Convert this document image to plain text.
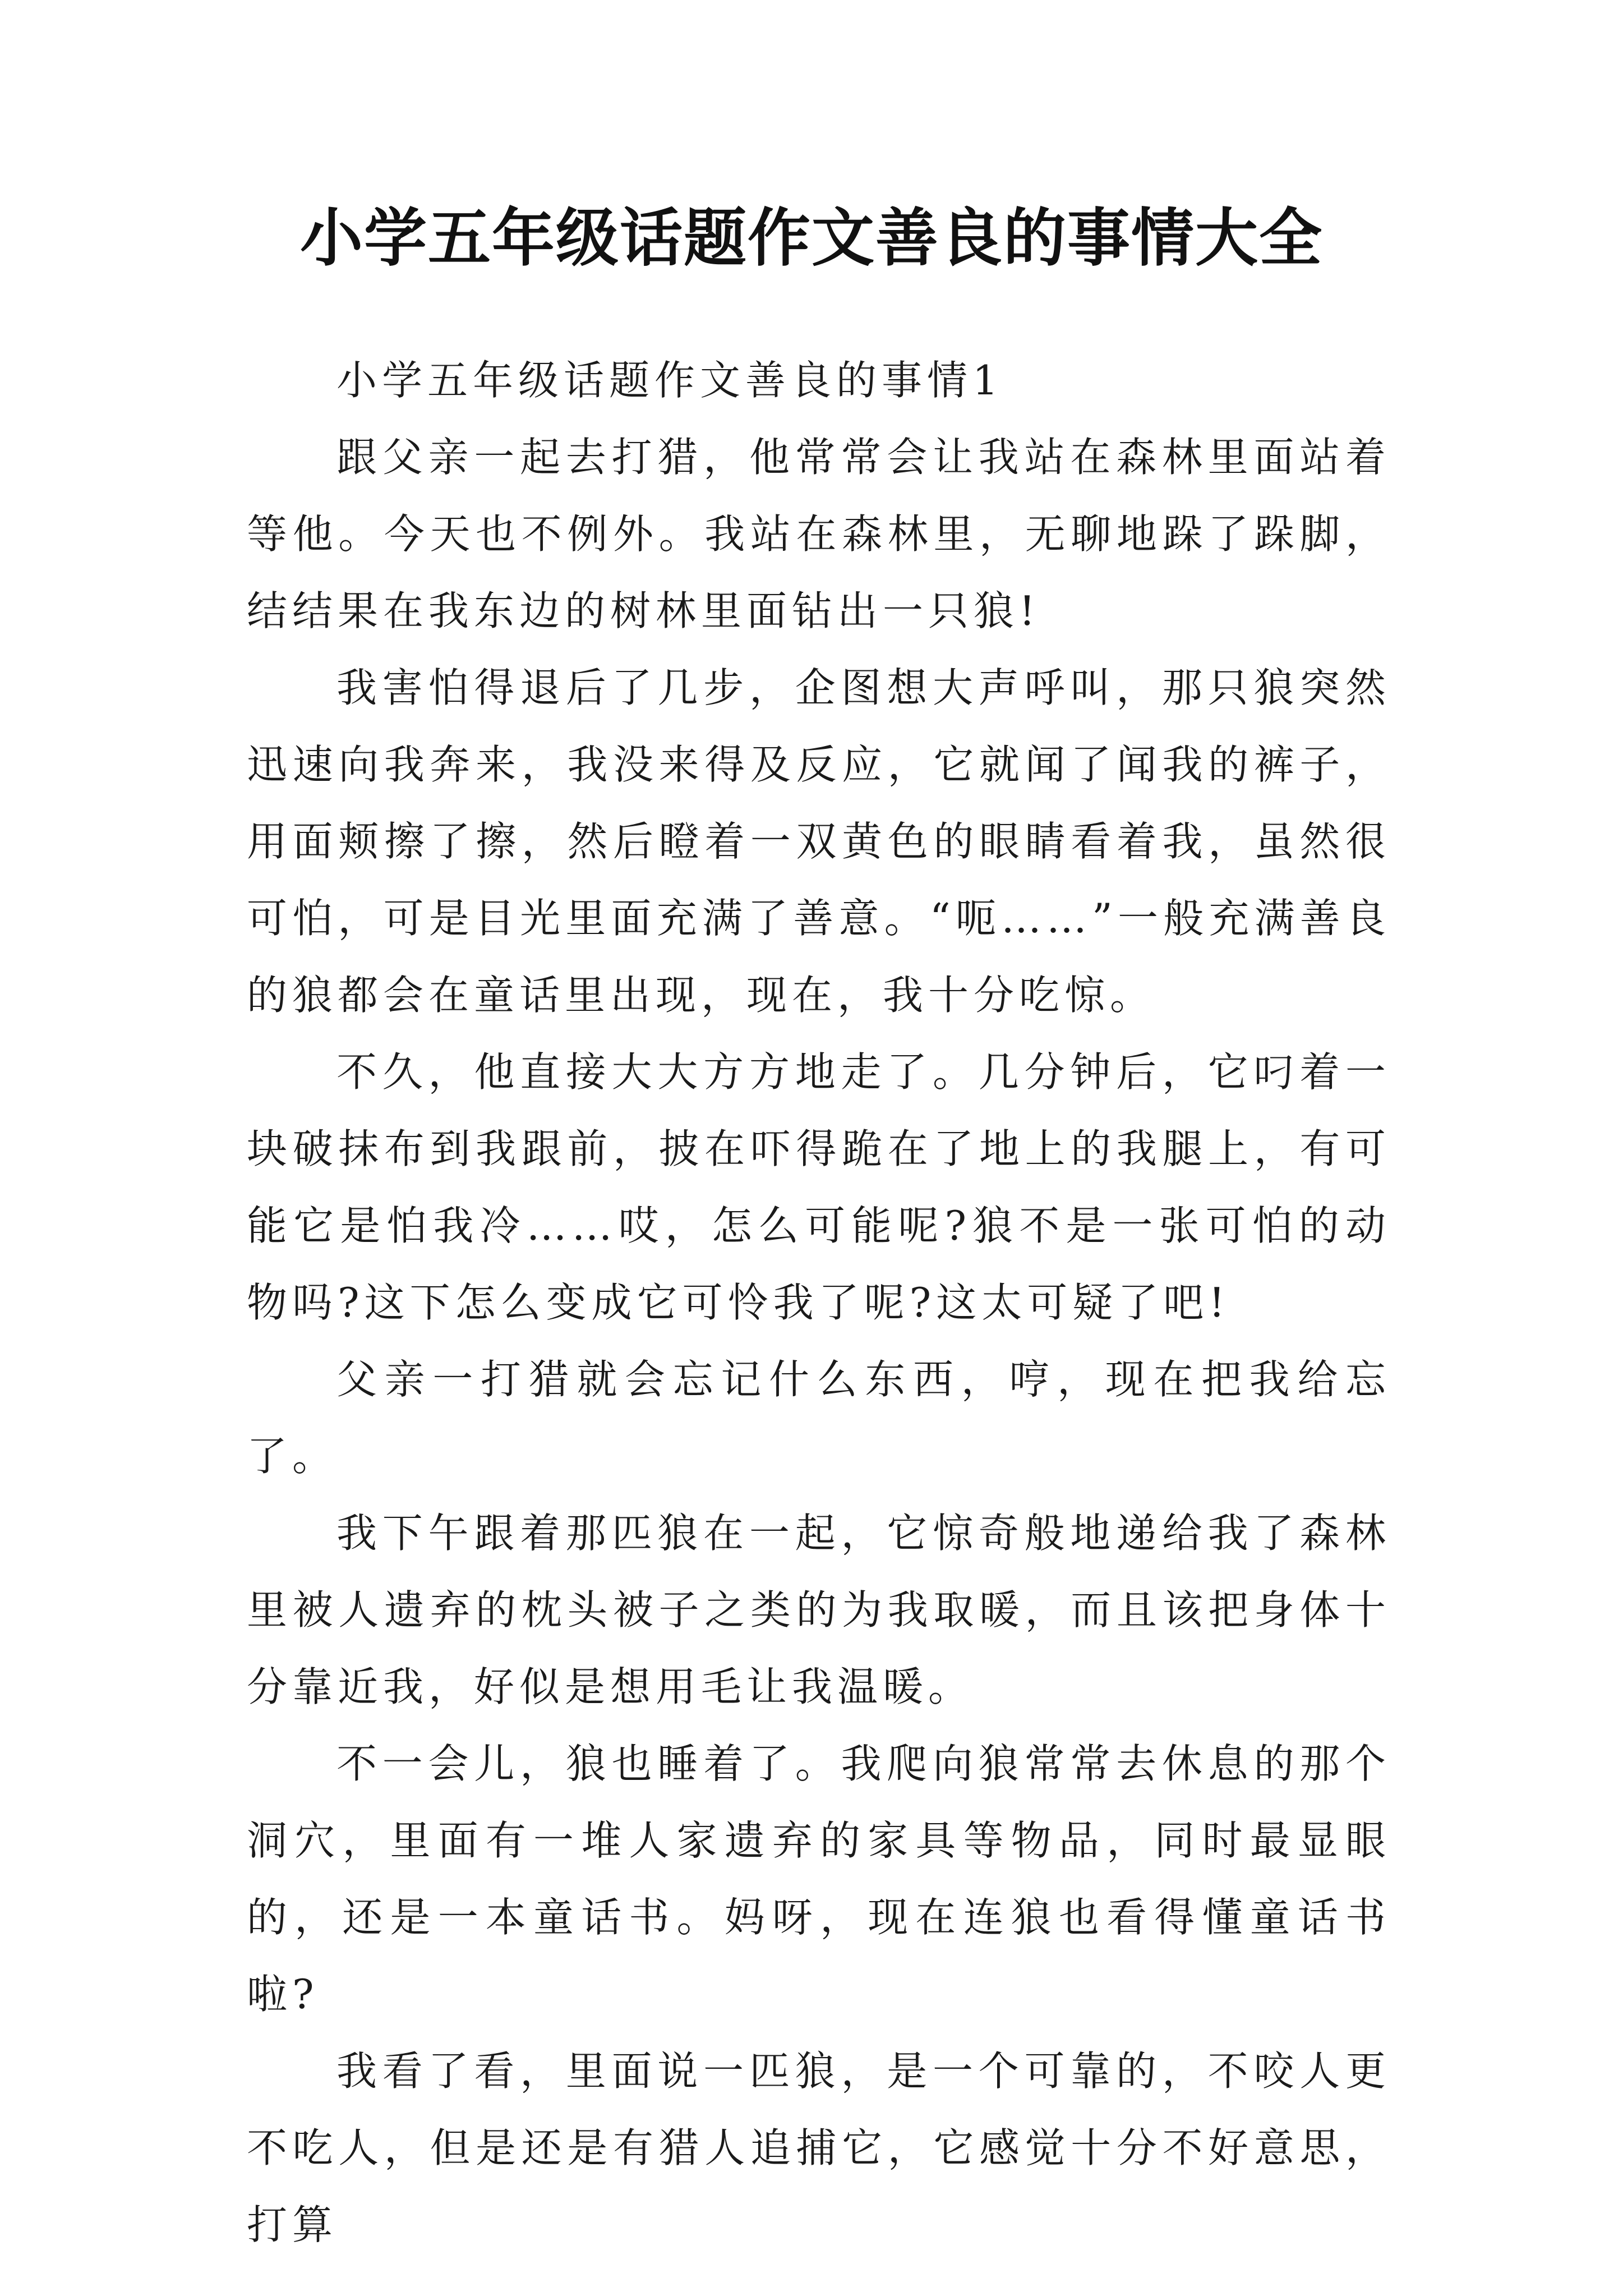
小学五年级话题作文善良的事情大全

小学五年级话题作文善良的事情1

跟父亲一起去打猎，他常常会让我站在森林里面站着等他。今天也不例外。我站在森林里，无聊地跺了跺脚，结结果在我东边的树林里面钻出一只狼!

我害怕得退后了几步，企图想大声呼叫，那只狼突然迅速向我奔来，我没来得及反应，它就闻了闻我的裤子，用面颊擦了擦，然后瞪着一双黄色的眼睛看着我，虽然很可怕，可是目光里面充满了善意。“呃……”一般充满善良的狼都会在童话里出现，现在，我十分吃惊。

不久，他直接大大方方地走了。几分钟后，它叼着一块破抹布到我跟前，披在吓得跪在了地上的我腿上，有可能它是怕我冷……哎，怎么可能呢?狼不是一张可怕的动物吗?这下怎么变成它可怜我了呢?这太可疑了吧!

父亲一打猎就会忘记什么东西，哼，现在把我给忘了。

我下午跟着那匹狼在一起，它惊奇般地递给我了森林里被人遗弃的枕头被子之类的为我取暖，而且该把身体十分靠近我，好似是想用毛让我温暖。

不一会儿，狼也睡着了。我爬向狼常常去休息的那个洞穴，里面有一堆人家遗弃的家具等物品，同时最显眼的，还是一本童话书。妈呀，现在连狼也看得懂童话书啦?

我看了看，里面说一匹狼，是一个可靠的，不咬人更不吃人，但是还是有猎人追捕它，它感觉十分不好意思，打算
